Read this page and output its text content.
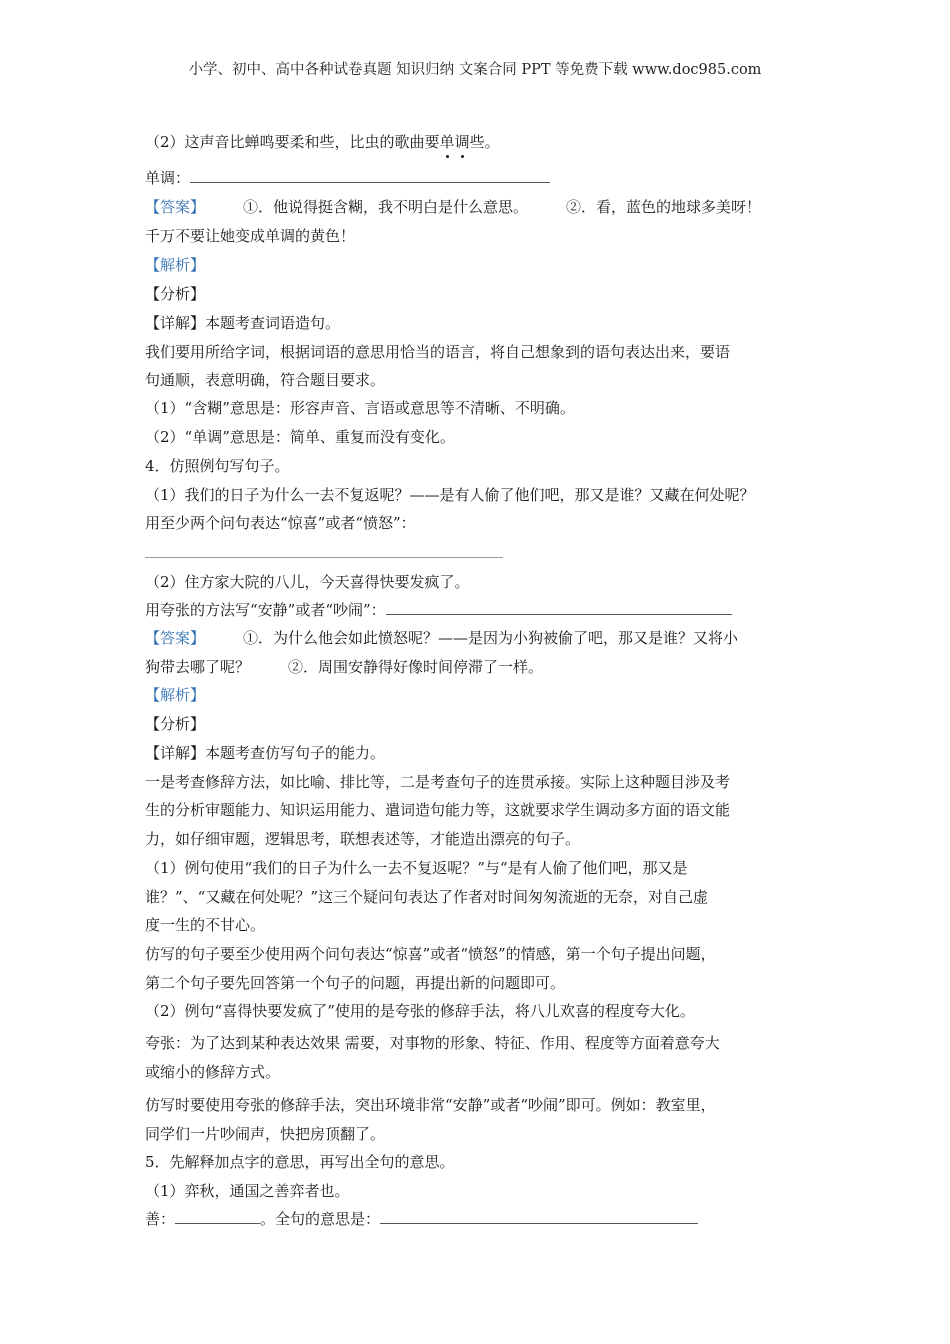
小学、初中、高中各种试卷真题 知识归纳 文案合同 PPT 等免费下载 www.doc985.com
（2）这声音比蝉鸣要柔和些，比虫的歌曲要单调些。
单调：
【答案】	①．他说得挺含糊，我不明白是什么意思。	②．看，蓝色的地球多美呀！
千万不要让她变成单调的黄色！
【解析】
【分析】
【详解】本题考查词语造句。
我们要用所给字词，根据词语的意思用恰当的语言，将自己想象到的语句表达出来，要语
句通顺，表意明确，符合题目要求。
（1）“含糊”意思是：形容声音、言语或意思等不清晰、不明确。
（2）“单调”意思是：简单、重复而没有变化。
4．仿照例句写句子。
（1）我们的日子为什么一去不复返呢？——是有人偷了他们吧，那又是谁？又藏在何处呢？
用至少两个问句表达“惊喜”或者“愤怒”：
（2）住方家大院的八儿，今天喜得快要发疯了。
用夸张的方法写“安静”或者“吵闹”：
【答案】	①．为什么他会如此愤怒呢？——是因为小狗被偷了吧，那又是谁？又将小
狗带去哪了呢？	②．周围安静得好像时间停滞了一样。
【解析】
【分析】
【详解】本题考查仿写句子的能力。
一是考查修辞方法，如比喻、排比等，二是考查句子的连贯承接。实际上这种题目涉及考
生的分析审题能力、知识运用能力、遣词造句能力等，这就要求学生调动多方面的语文能
力，如仔细审题，逻辑思考，联想表述等，才能造出漂亮的句子。
（1）例句使用“我们的日子为什么一去不复返呢？”与“是有人偷了他们吧，那又是
谁？”、“又藏在何处呢？”这三个疑问句表达了作者对时间匆匆流逝的无奈，对自己虚
度一生的不甘心。
仿写的句子要至少使用两个问句表达“惊喜”或者“愤怒”的情感，第一个句子提出问题，
第二个句子要先回答第一个句子的问题，再提出新的问题即可。
（2）例句“喜得快要发疯了”使用的是夸张的修辞手法，将八儿欢喜的程度夸大化。
夸张：为了达到某种表达效果 需要，对事物的形象、特征、作用、程度等方面着意夸大
或缩小的修辞方式。
仿写时要使用夸张的修辞手法，突出环境非常“安静”或者“吵闹”即可。例如：教室里，
同学们一片吵闹声，快把房顶翻了。
5．先解释加点字的意思，再写出全句的意思。
（1）弈秋，通国之善弈者也。
善：	。全句的意思是：
